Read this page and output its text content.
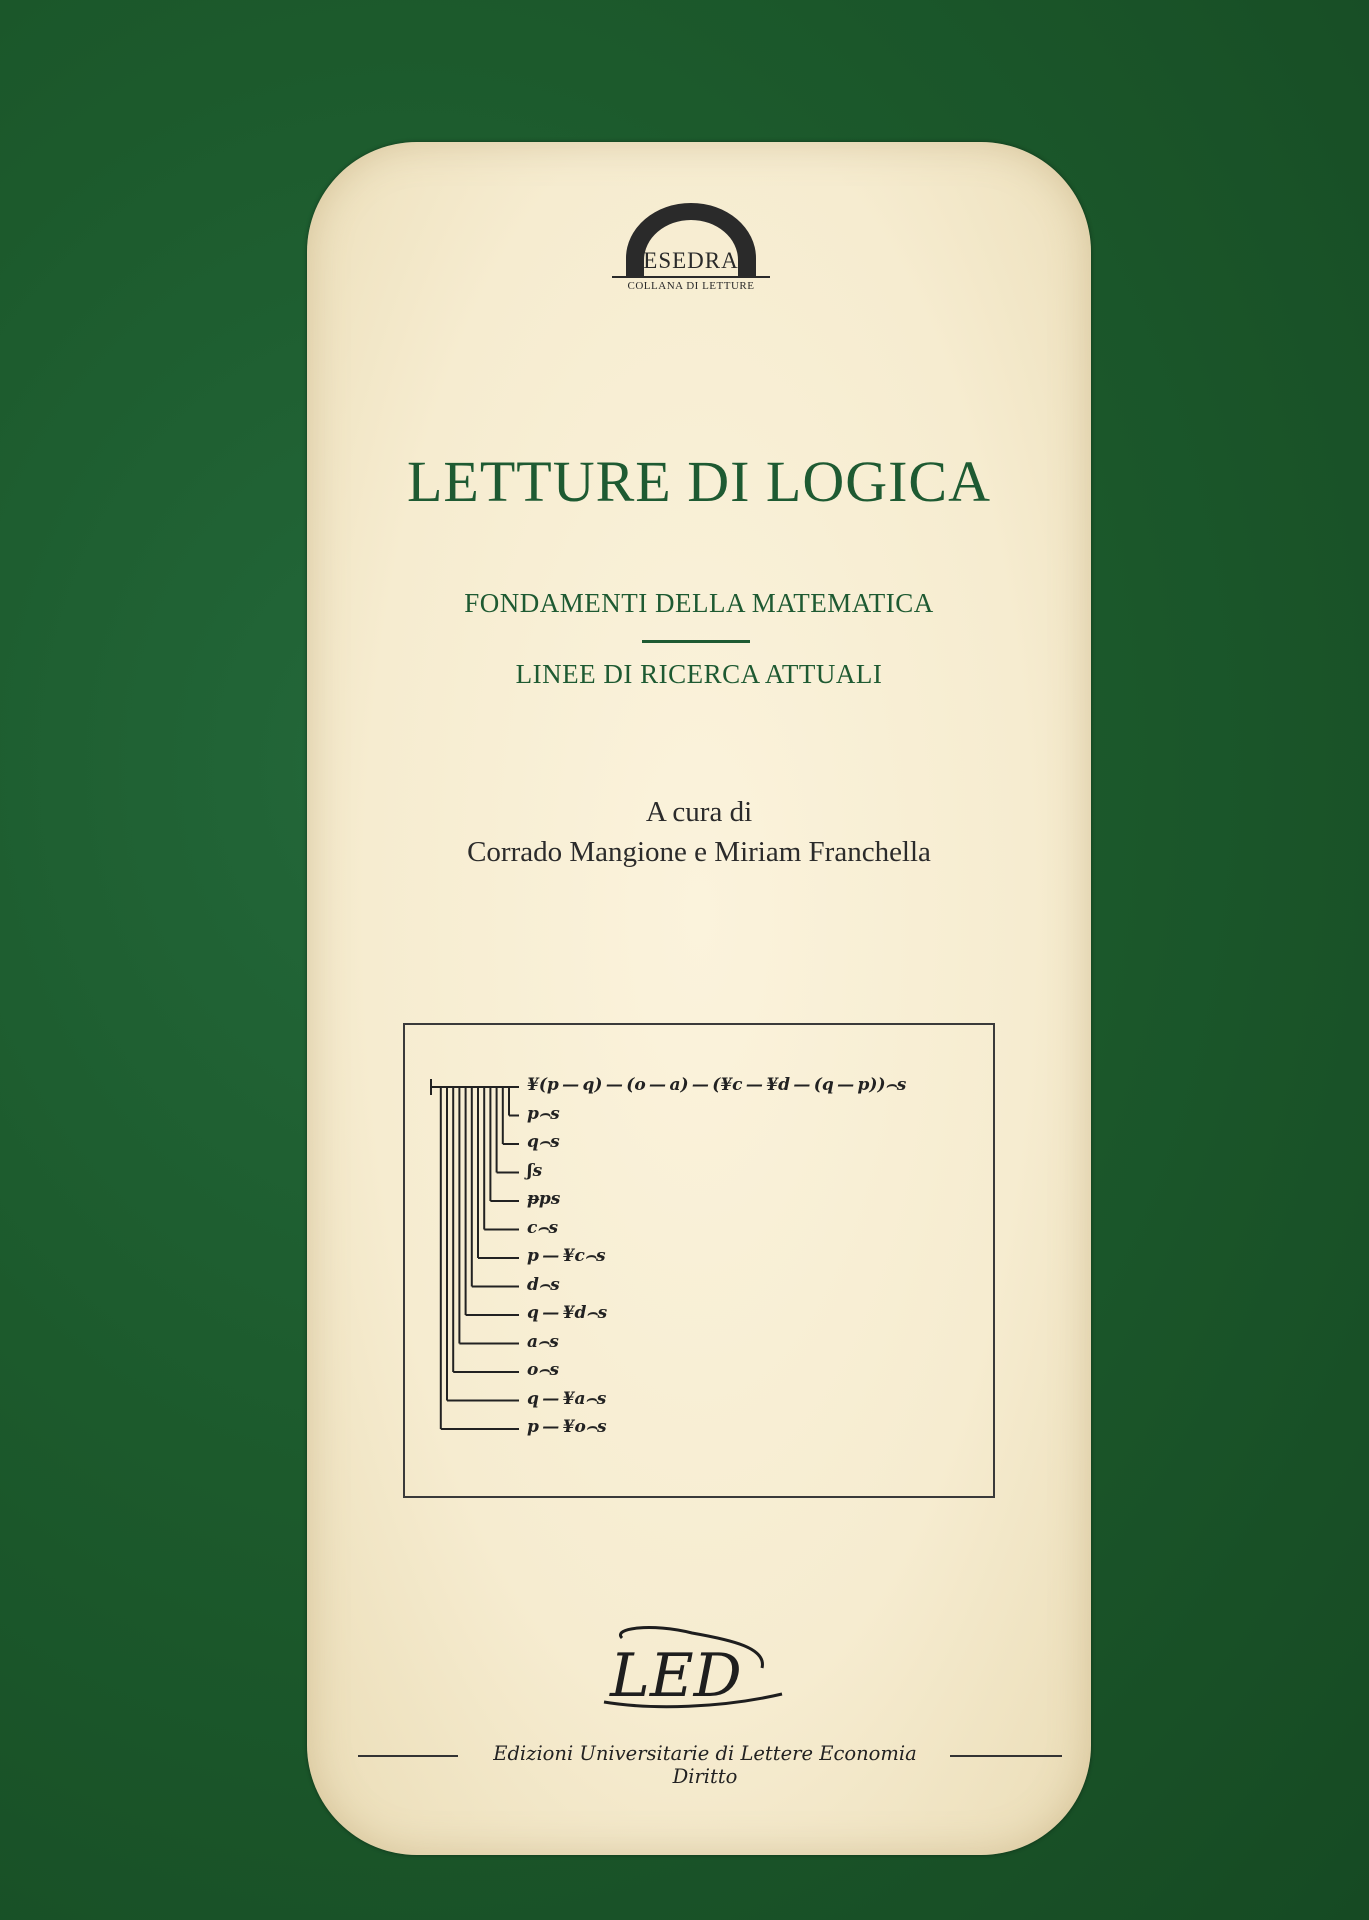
ESEDRA
COLLANA DI LETTURE
LETTURE DI LOGICA
FONDAMENTI DELLA MATEMATICA
LINEE DI RICERCA ATTUALI
A cura di
Corrado Mangione e Miriam Franchella
¥(p — q) — (o — a) — (¥c — ¥d — (q — p))⌢s
p⌢s
q⌢s
ʃs
ᵽps
c⌢s
p — ¥c⌢s
d⌢s
q — ¥d⌢s
a⌢s
o⌢s
q — ¥a⌢s
p — ¥o⌢s
LED
Edizioni Universitarie di Lettere Economia Diritto
